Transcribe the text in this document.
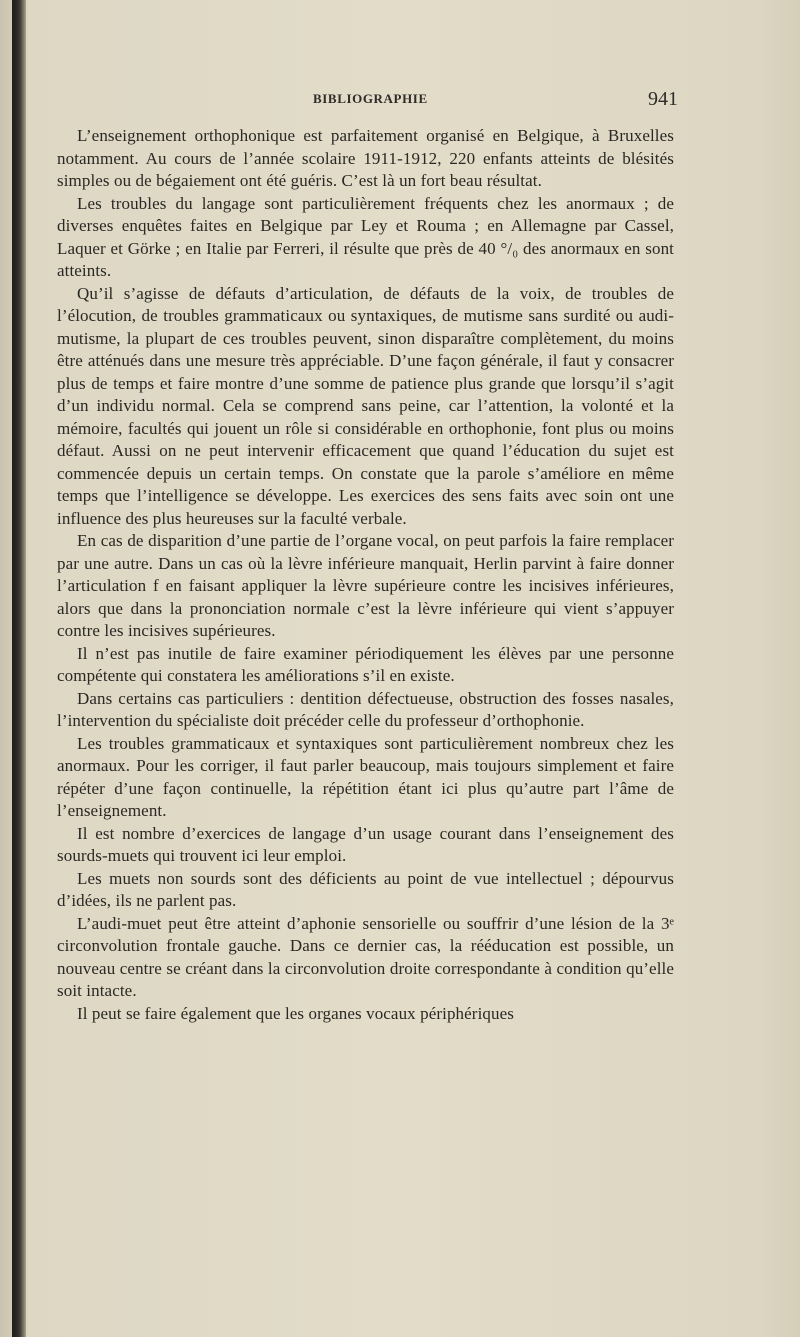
BIBLIOGRAPHIE	941

L’enseignement orthophonique est parfaitement organisé en Belgique, à Bruxelles notamment. Au cours de l’année scolaire 1911-1912, 220 enfants atteints de blésités simples ou de bégaiement ont été guéris. C’est là un fort beau résultat.

Les troubles du langage sont particulièrement fréquents chez les anormaux ; de diverses enquêtes faites en Belgique par Ley et Rouma ; en Allemagne par Cassel, Laquer et Görke ; en Italie par Ferreri, il résulte que près de 40 °/₀ des anormaux en sont atteints.

Qu’il s’agisse de défauts d’articulation, de défauts de la voix, de troubles de l’élocution, de troubles grammaticaux ou syntaxiques, de mutisme sans surdité ou audi-mutisme, la plupart de ces troubles peuvent, sinon disparaître complètement, du moins être atténués dans une mesure très appréciable. D’une façon générale, il faut y consacrer plus de temps et faire montre d’une somme de patience plus grande que lorsqu’il s’agit d’un individu normal. Cela se comprend sans peine, car l’attention, la volonté et la mémoire, facultés qui jouent un rôle si considérable en orthophonie, font plus ou moins défaut. Aussi on ne peut intervenir efficacement que quand l’éducation du sujet est commencée depuis un certain temps. On constate que la parole s’améliore en même temps que l’intelligence se développe. Les exercices des sens faits avec soin ont une influence des plus heureuses sur la faculté verbale.

En cas de disparition d’une partie de l’organe vocal, on peut parfois la faire remplacer par une autre. Dans un cas où la lèvre inférieure manquait, Herlin parvint à faire donner l’articulation f en faisant appliquer la lèvre supérieure contre les incisives inférieures, alors que dans la prononciation normale c’est la lèvre inférieure qui vient s’appuyer contre les incisives supérieures.

Il n’est pas inutile de faire examiner périodiquement les élèves par une personne compétente qui constatera les améliorations s’il en existe.

Dans certains cas particuliers : dentition défectueuse, obstruction des fosses nasales, l’intervention du spécialiste doit précéder celle du professeur d’orthophonie.

Les troubles grammaticaux et syntaxiques sont particulièrement nombreux chez les anormaux. Pour les corriger, il faut parler beaucoup, mais toujours simplement et faire répéter d’une façon continuelle, la répétition étant ici plus qu’autre part l’âme de l’enseignement.

Il est nombre d’exercices de langage d’un usage courant dans l’enseignement des sourds-muets qui trouvent ici leur emploi.

Les muets non sourds sont des déficients au point de vue intellectuel ; dépourvus d’idées, ils ne parlent pas.

L’audi-muet peut être atteint d’aphonie sensorielle ou souffrir d’une lésion de la 3ᵉ circonvolution frontale gauche. Dans ce dernier cas, la rééducation est possible, un nouveau centre se créant dans la circonvolution droite correspondante à condition qu’elle soit intacte.

Il peut se faire également que les organes vocaux périphériques
